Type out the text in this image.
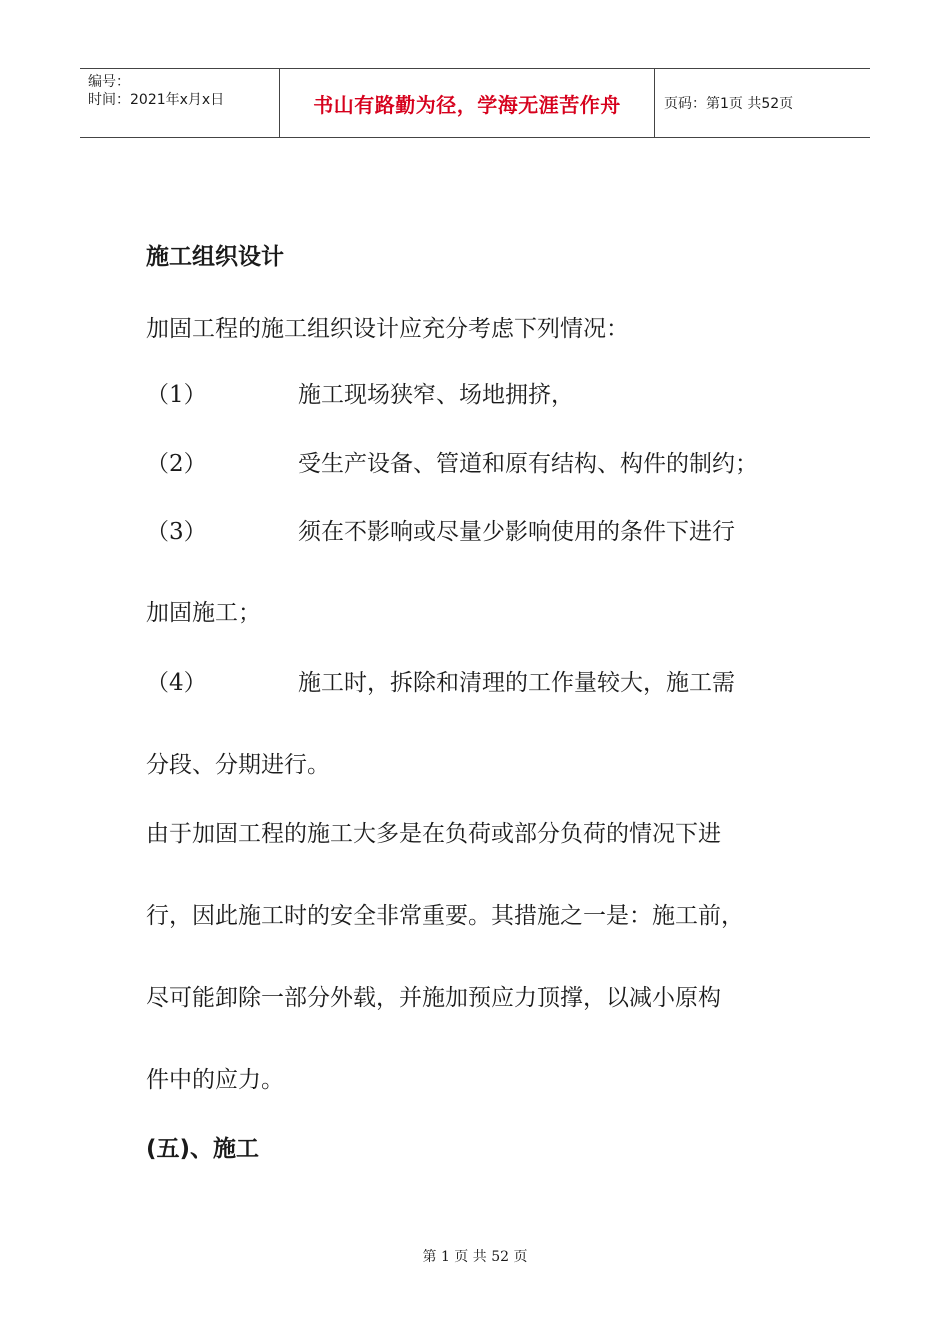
编号：
时间：2021年x月x日	书山有路勤为径，学海无涯苦作舟	页码：第1页 共52页
施工组织设计
加固工程的施工组织设计应充分考虑下列情况：
（1）	施工现场狭窄、场地拥挤，
（2）	受生产设备、管道和原有结构、构件的制约；
（3）	须在不影响或尽量少影响使用的条件下进行
加固施工；
（4）	施工时，拆除和清理的工作量较大，施工需
分段、分期进行。
由于加固工程的施工大多是在负荷或部分负荷的情况下进
行，因此施工时的安全非常重要。其措施之一是：施工前，
尽可能卸除一部分外载，并施加预应力顶撑，以减小原构
件中的应力。
(五)、施工
第 1 页 共 52 页
